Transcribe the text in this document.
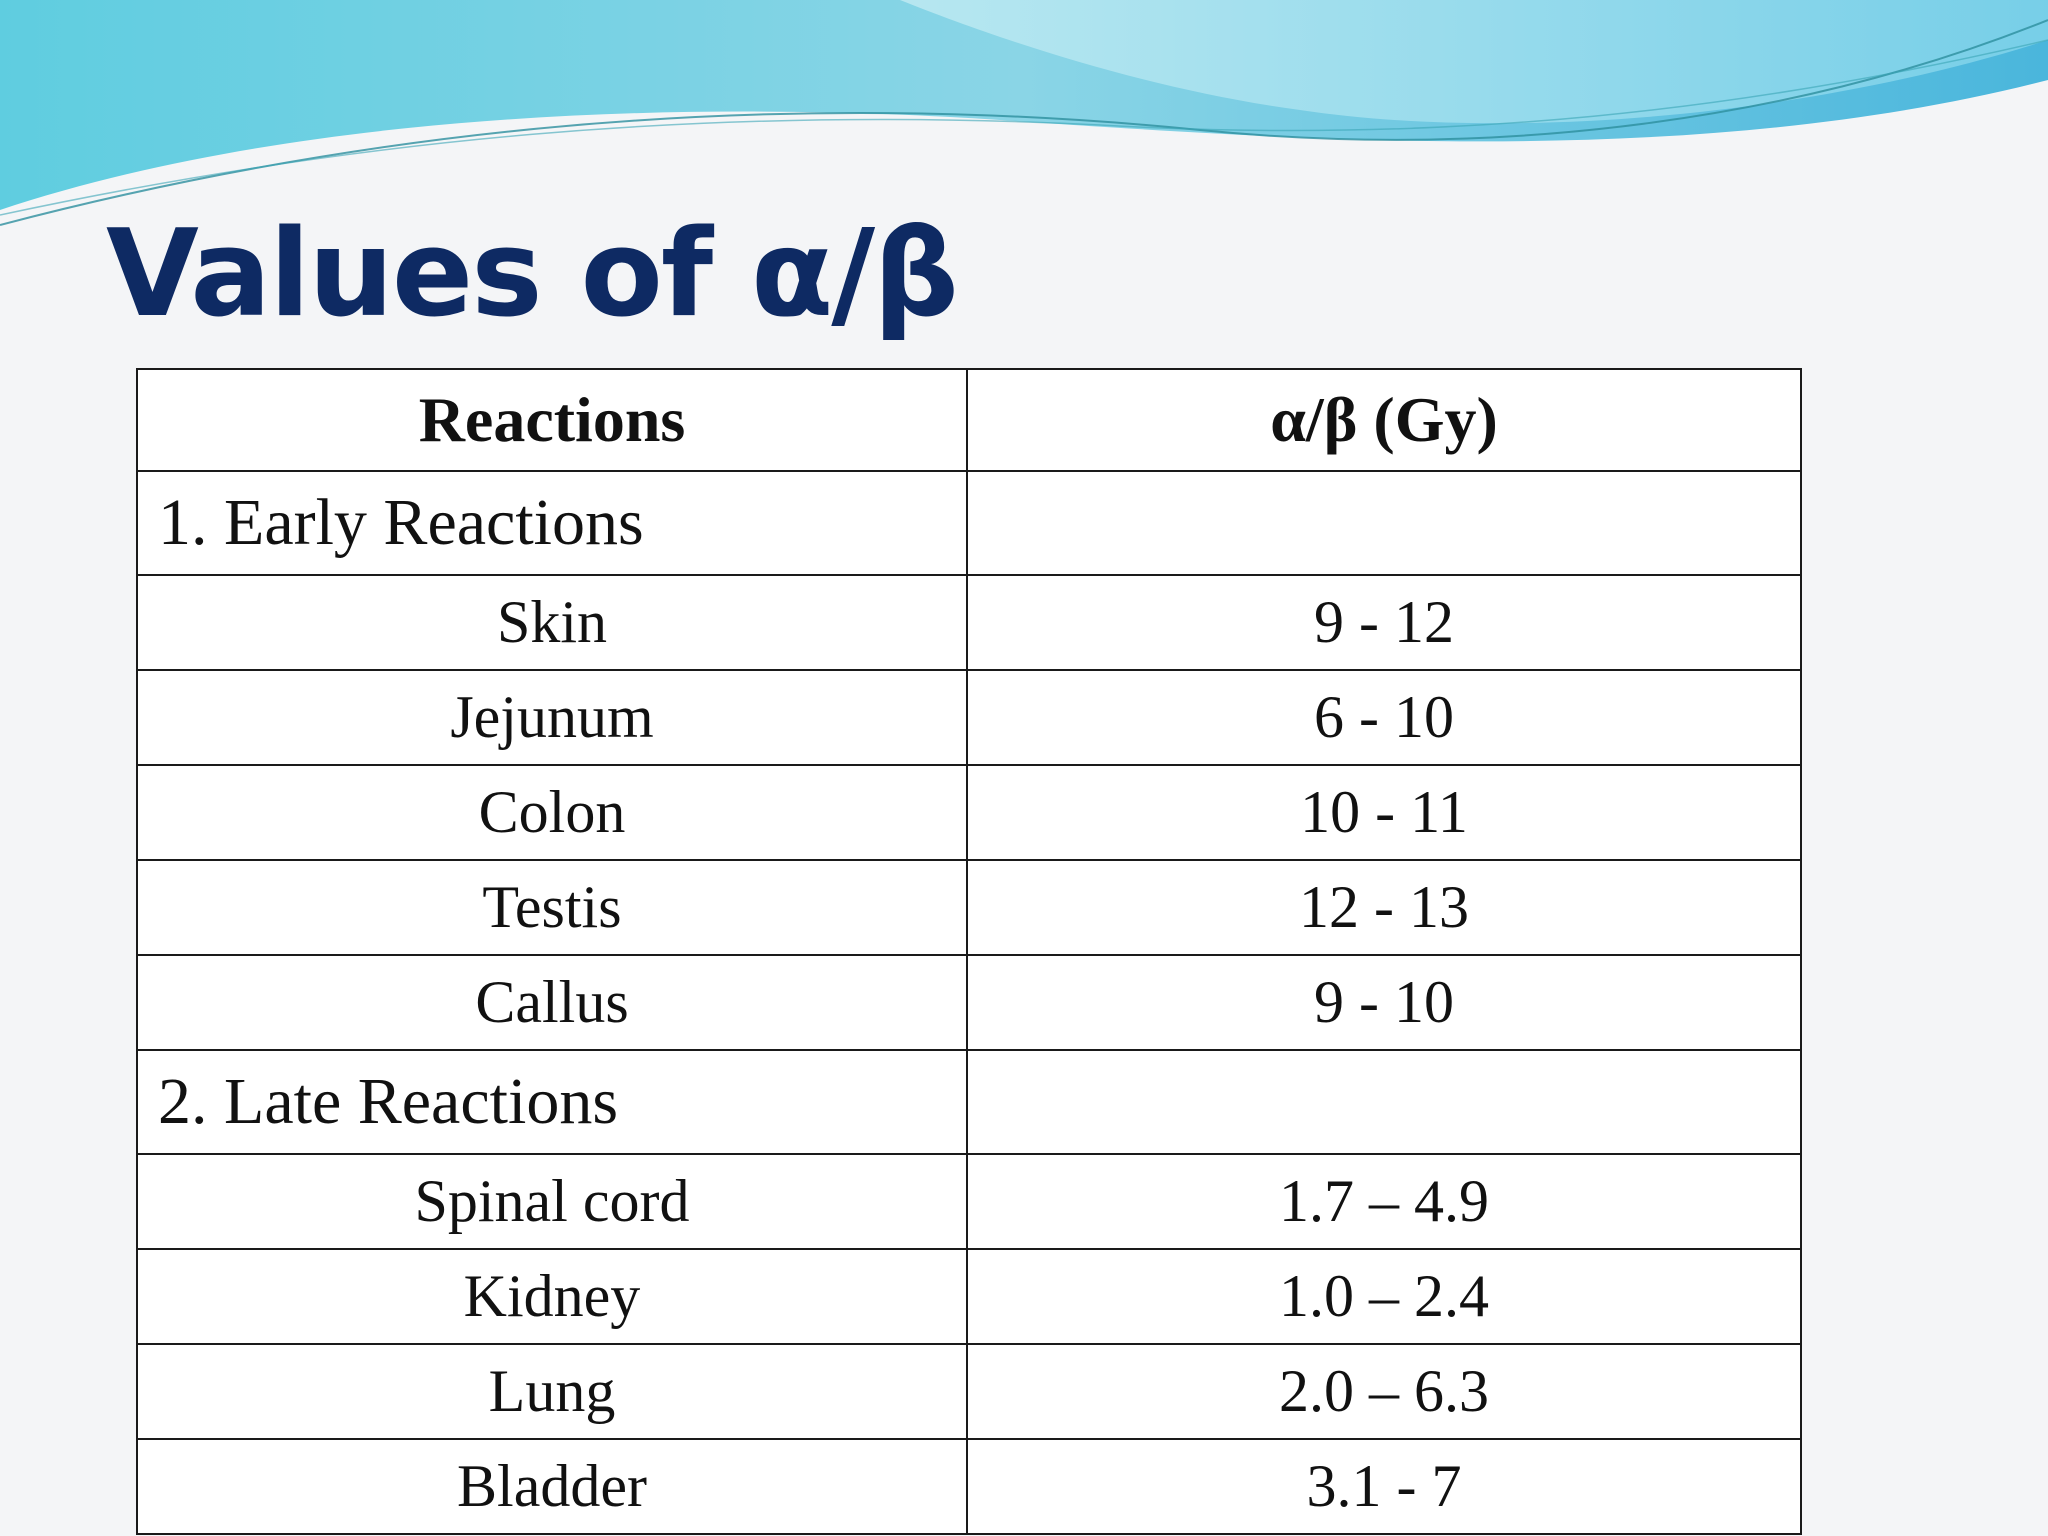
Values of α/β
Reactions	α/β (Gy)
1. Early Reactions	
Skin	9 - 12
Jejunum	6 - 10
Colon	10 - 11
Testis	12 - 13
Callus	9 - 10
2. Late Reactions	
Spinal cord	1.7 – 4.9
Kidney	1.0 – 2.4
Lung	2.0 – 6.3
Bladder	3.1 - 7
